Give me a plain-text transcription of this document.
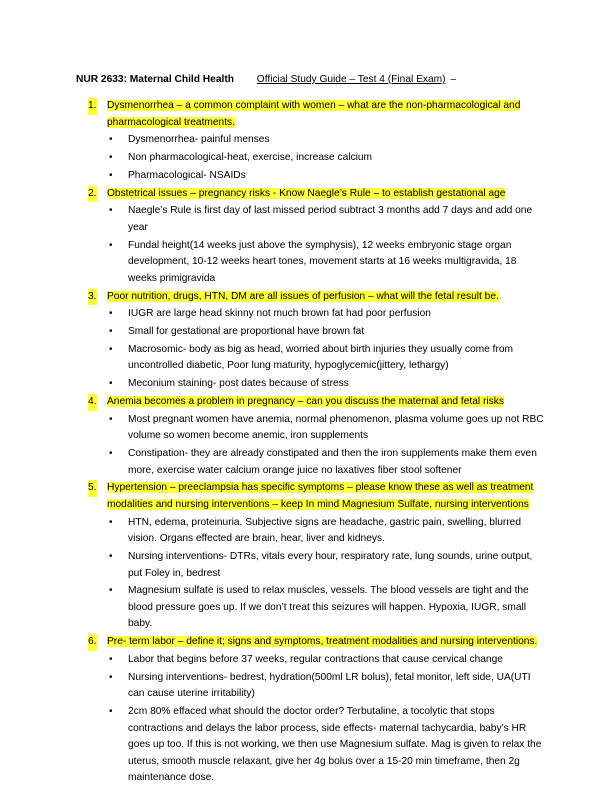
NUR 2633: Maternal Child Health Official Study Guide – Test 4 (Final Exam) –
1. Dysmenorrhea – a common complaint with women – what are the non-pharmacological and pharmacological treatments.
• Dysmenorrhea- painful menses
• Non pharmacological-heat, exercise, increase calcium
• Pharmacological- NSAIDs
2. Obstetrical issues – pregnancy risks - Know Naegle’s Rule – to establish gestational age
• Naegle’s Rule is first day of last missed period subtract 3 months add 7 days and add one year
• Fundal height(14 weeks just above the symphysis), 12 weeks embryonic stage organ development, 10-12 weeks heart tones, movement starts at 16 weeks multigravida, 18 weeks primigravida
3. Poor nutrition, drugs, HTN, DM are all issues of perfusion – what will the fetal result be.
• IUGR are large head skinny not much brown fat had poor perfusion
• Small for gestational are proportional have brown fat
• Macrosomic- body as big as head, worried about birth injuries they usually come from uncontrolled diabetic, Poor lung maturity, hypoglycemic(jittery, lethargy)
• Meconium staining- post dates because of stress
4. Anemia becomes a problem in pregnancy – can you discuss the maternal and fetal risks
• Most pregnant women have anemia, normal phenomenon, plasma volume goes up not RBC volume so women become anemic, iron supplements
• Constipation- they are already constipated and then the iron supplements make them even more, exercise water calcium orange juice no laxatives fiber stool softener
5. Hypertension – preeclampsia has specific symptoms – please know these as well as treatment modalities and nursing interventions – keep In mind Magnesium Sulfate, nursing interventions
• HTN, edema, proteinuria. Subjective signs are headache, gastric pain, swelling, blurred vision. Organs effected are brain, hear, liver and kidneys.
• Nursing interventions- DTRs, vitals every hour, respiratory rate, lung sounds, urine output, put Foley in, bedrest
• Magnesium sulfate is used to relax muscles, vessels. The blood vessels are tight and the blood pressure goes up. If we don’t treat this seizures will happen. Hypoxia, IUGR, small baby.
6. Pre- term labor – define it; signs and symptoms, treatment modalities and nursing interventions.
• Labor that begins before 37 weeks, regular contractions that cause cervical change
• Nursing interventions- bedrest, hydration(500ml LR bolus), fetal monitor, left side, UA(UTI can cause uterine irritability)
• 2cm 80% effaced what should the doctor order? Terbutaline, a tocolytic that stops contractions and delays the labor process, side effects- maternal tachycardia, baby’s HR goes up too. If this is not working, we then use Magnesium sulfate. Mag is given to relax the uterus, smooth muscle relaxant, give her 4g bolus over a 15-20 min timeframe, then 2g maintenance dose.
